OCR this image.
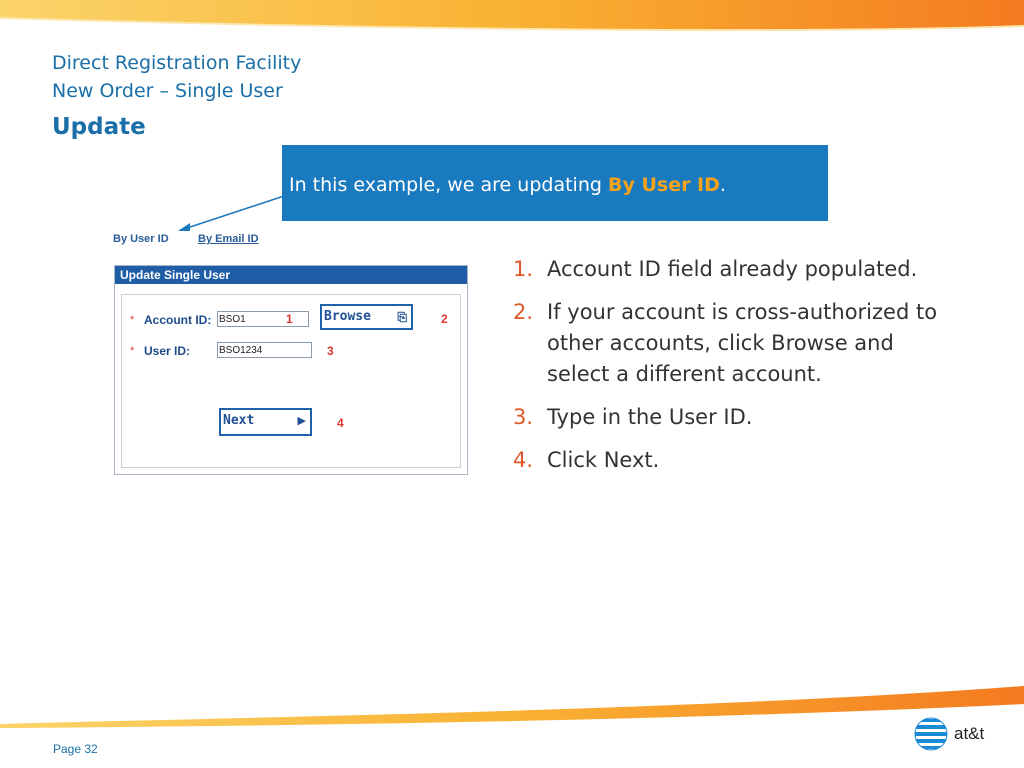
Direct Registration Facility
New Order – Single User
Update
In this example, we are updating By User ID.
By User ID	By Email ID
Update Single User
* Account ID: BSO1	1	Browse ⎘	2
* User ID:	BSO1234	3
Next	▶	4
1. Account ID field already populated.
2. If your account is cross-authorized to other accounts, click Browse and select a different account.
3. Type in the User ID.
4. Click Next.
Page 32
at&t
